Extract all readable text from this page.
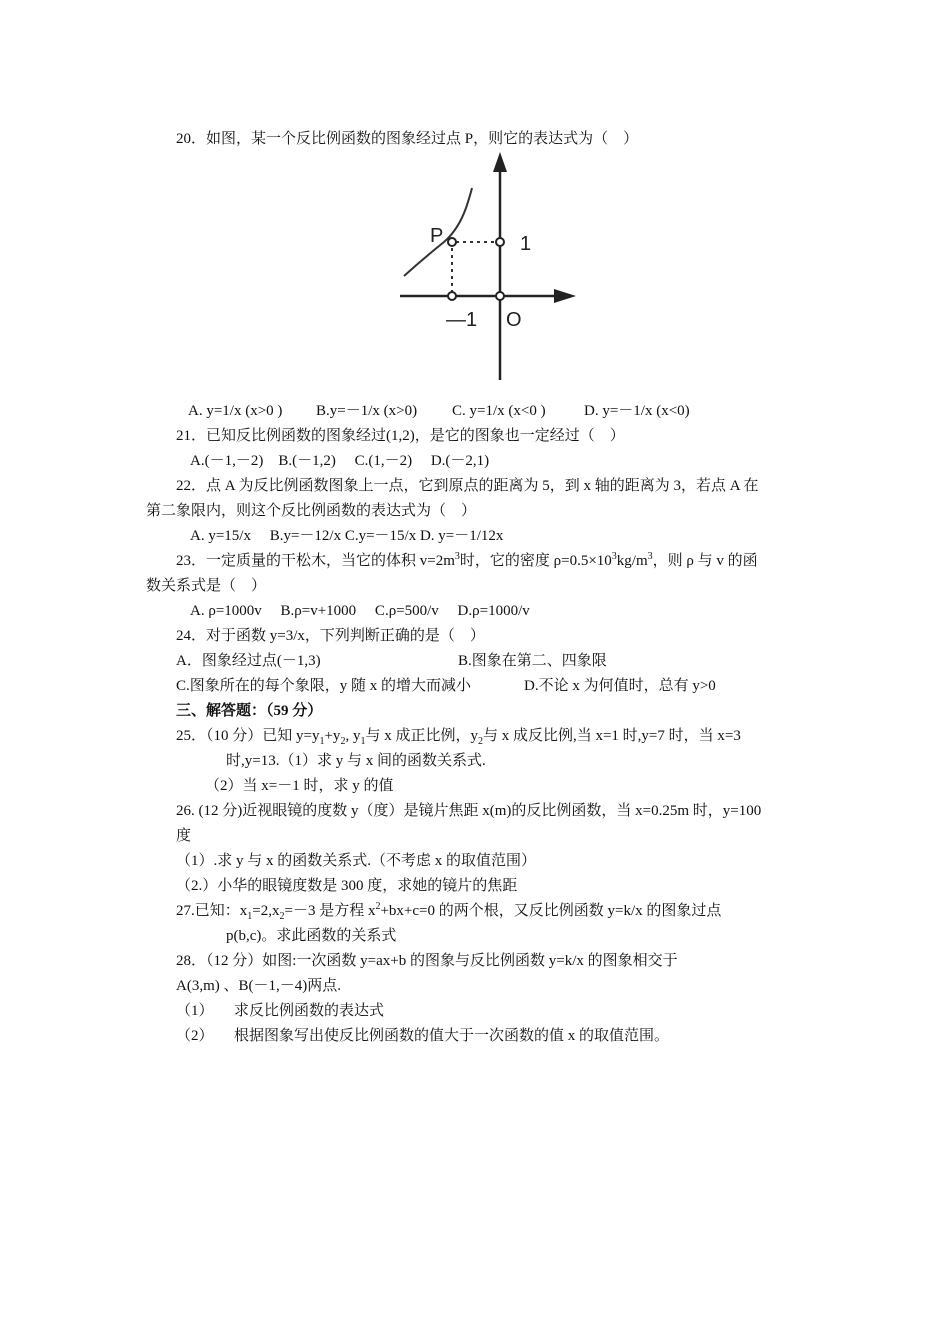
20．如图，某一个反比例函数的图象经过点 P，则它的表达式为（　）
P	1
—1 O
A. y=1/x (x>0 ) B.y=－1/x (x>0) C. y=1/x (x<0 )	D. y=－1/x (x<0)
21．已知反比例函数的图象经过(1,2)，是它的图象也一定经过（　）
A.(－1,－2)　B.(－1,2)　 C.(1,－2)　 D.(－2,1)
22．点 A 为反比例函数图象上一点，它到原点的距离为 5，到 x 轴的距离为 3，若点 A 在
第二象限内，则这个反比例函数的表达式为（　）
A. y=15/x　 B.y=－12/x C.y=－15/x D. y=－1/12x
23．一定质量的干松木，当它的体积 $v=2m^3$时，它的密度 $\rho=0.5\times 10^3kg/m^3$，则 ρ 与 v 的函
数关系式是（　）
A. ρ=1000v　 B.ρ=v+1000　 C.ρ=500/v　 D.ρ=1000/v
24．对于函数 y=3/x，下列判断正确的是（　）
A．图象经过点(－1,3)	B.图象在第二、四象限
C.图象所在的每个象限，y 随 x 的增大而减小	D.不论 x 为何值时，总有 y>0
三、解答题：（59 分）
25．（10 分）已知 $y=y_1+y_2$, $y_1$与 x 成正比例，$y_2$与 x 成反比例,当 x=1 时,y=7 时，当 x=3
时,y=13.（1）求 y 与 x 间的函数关系式.
（2）当 x=－1 时，求 y 的值
26. (12 分)近视眼镜的度数 y（度）是镜片焦距 x(m)的反比例函数，当 x=0.25m 时，y=100
度
（1）.求 y 与 x 的函数关系式.（不考虑 x 的取值范围）
（2.）小华的眼镜度数是 300 度，求她的镜片的焦距
27.已知：$x_1=2,x_2=-3$ 是方程 $x^2+bx+c=0$ 的两个根，又反比例函数 y=k/x 的图象过点
p(b,c)。求此函数的关系式
28．（12 分）如图:一次函数 y=ax+b 的图象与反比例函数 y=k/x 的图象相交于
A(3,m) 、B(－1,－4)两点.
（1） 求反比例函数的表达式
（2） 根据图象写出使反比例函数的值大于一次函数的值 x 的取值范围。
